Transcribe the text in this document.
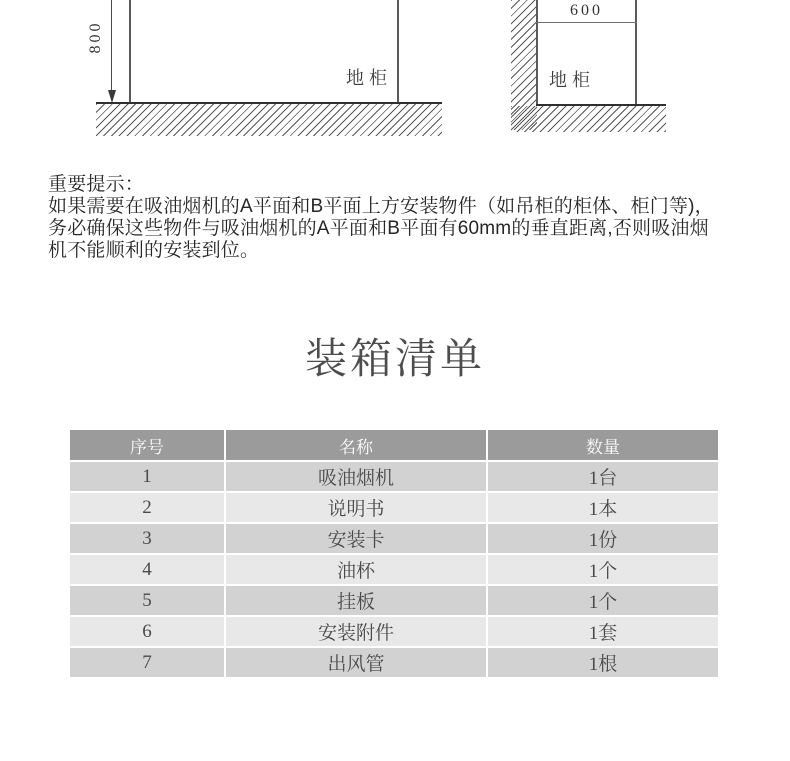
800
地柜
600
地柜
重要提示：
如果需要在吸油烟机的A平面和B平面上方安装物件（如吊柜的柜体、柜门等)，
务必确保这些物件与吸油烟机的A平面和B平面有60mm的垂直距离,否则吸油烟
机不能顺利的安装到位。
装箱清单
序号	名称	数量
1	吸油烟机	1台
2	说明书	1本
3	安装卡	1份
4	油杯	1个
5	挂板	1个
6	安装附件	1套
7	出风管	1根
